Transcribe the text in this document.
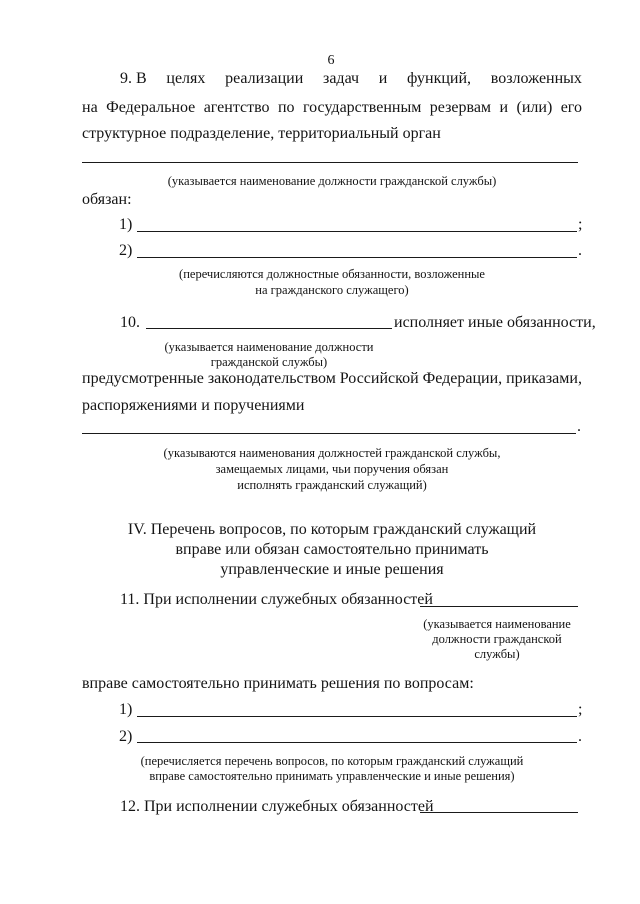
6
9. В целях реализации задач и функций, возложенных
на Федеральное агентство по государственным резервам и (или) его
структурное подразделение, территориальный орган
(указывается наименование должности гражданской службы)
обязан:
1)	;
2)	.
(перечисляются должностные обязанности, возложенные
на гражданского служащего)
10.	исполняет иные обязанности,
(указывается наименование должности
гражданской службы)
предусмотренные законодательством Российской Федерации, приказами,
распоряжениями и поручениями
.
(указываются наименования должностей гражданской службы,
замещаемых лицами, чьи поручения обязан
исполнять гражданский служащий)
IV. Перечень вопросов, по которым гражданский служащий
вправе или обязан самостоятельно принимать
управленческие и иные решения
11. При исполнении служебных обязанностей
(указывается наименование
должности гражданской
службы)
вправе самостоятельно принимать решения по вопросам:
1)	;
2)	.
(перечисляется перечень вопросов, по которым гражданский служащий
вправе самостоятельно принимать управленческие и иные решения)
12. При исполнении служебных обязанностей
